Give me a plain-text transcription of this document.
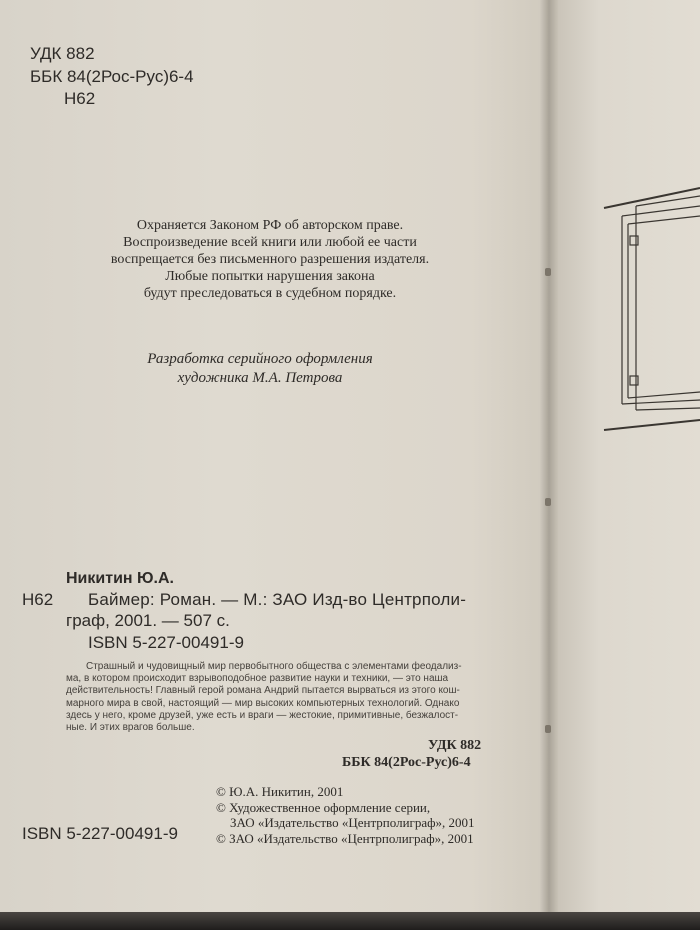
УДК 882
ББК 84(2Рос-Рус)6-4
Н62
Охраняется Законом РФ об авторском праве.
Воспроизведение всей книги или любой ее части
воспрещается без письменного разрешения издателя.
Любые попытки нарушения закона
будут преследоваться в судебном порядке.
Разработка серийного оформления
художника М.А. Петрова
Никитин Ю.А.
Н62 Баймер: Роман. — М.: ЗАО Изд-во Центрполи-
граф, 2001. — 507 с.
ISBN 5-227-00491-9
Страшный и чудовищный мир первобытного общества с элементами феодализ-
ма, в котором происходит взрывоподобное развитие науки и техники, — это наша
действительность! Главный герой романа Андрий пытается вырваться из этого кош-
марного мира в свой, настоящий — мир высоких компьютерных технологий. Однако
здесь у него, кроме друзей, уже есть и враги — жестокие, примитивные, безжалост-
ные. И этих врагов больше.
УДК 882
ББК 84(2Рос-Рус)6-4
ISBN 5-227-00491-9
© Ю.А. Никитин, 2001
© Художественное оформление серии,
ЗАО «Издательство «Центрполиграф», 2001
© ЗАО «Издательство «Центрполиграф», 2001
